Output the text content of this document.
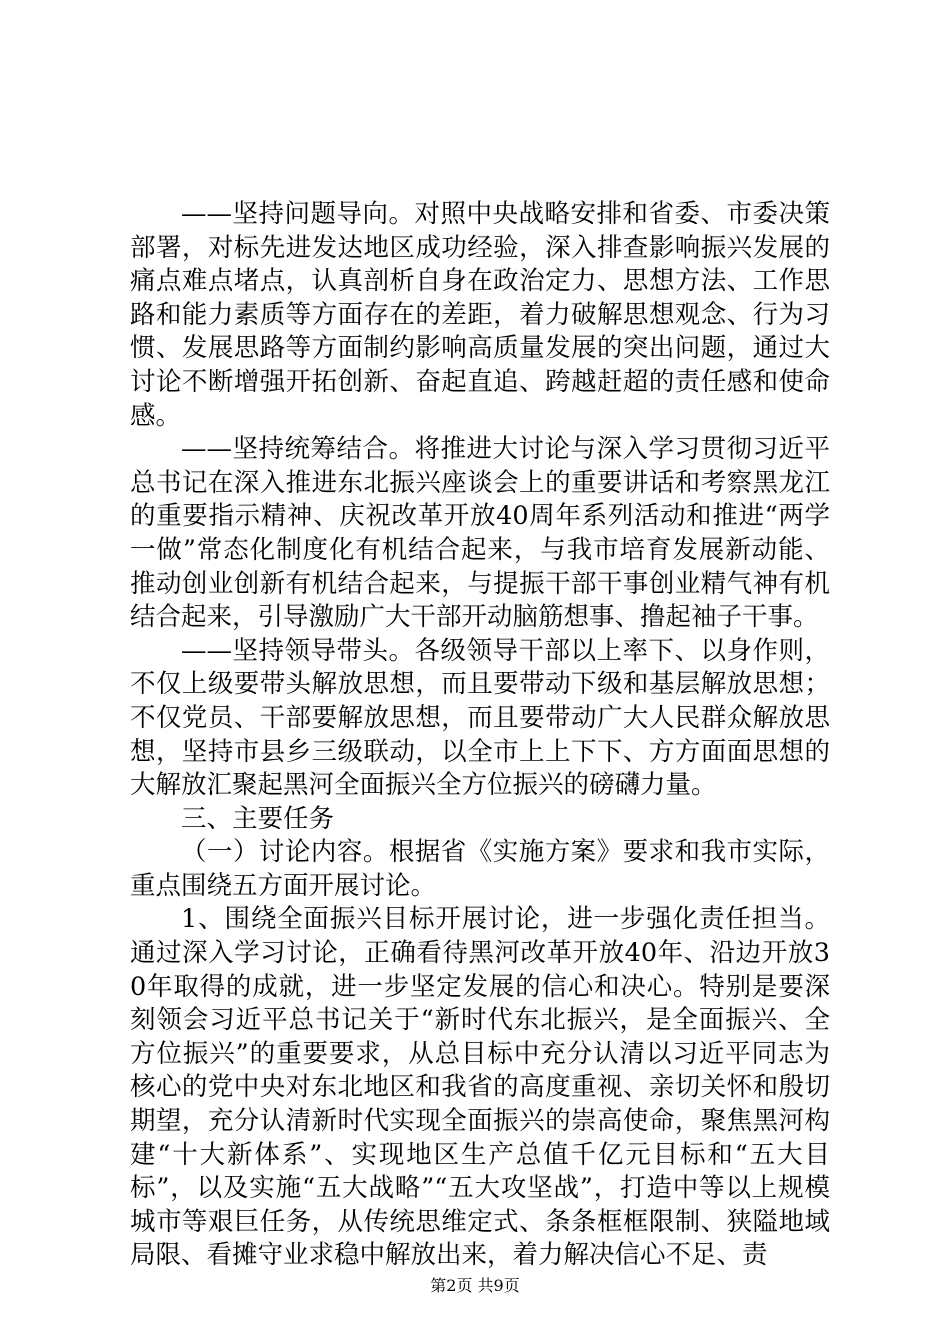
——坚持问题导向。对照中央战略安排和省委、市委决策部署，对标先进发达地区成功经验，深入排查影响振兴发展的痛点难点堵点，认真剖析自身在政治定力、思想方法、工作思路和能力素质等方面存在的差距，着力破解思想观念、行为习惯、发展思路等方面制约影响高质量发展的突出问题，通过大讨论不断增强开拓创新、奋起直追、跨越赶超的责任感和使命感。

——坚持统筹结合。将推进大讨论与深入学习贯彻习近平总书记在深入推进东北振兴座谈会上的重要讲话和考察黑龙江的重要指示精神、庆祝改革开放40周年系列活动和推进“两学一做”常态化制度化有机结合起来，与我市培育发展新动能、推动创业创新有机结合起来，与提振干部干事创业精气神有机结合起来，引导激励广大干部开动脑筋想事、撸起袖子干事。

——坚持领导带头。各级领导干部以上率下、以身作则，不仅上级要带头解放思想，而且要带动下级和基层解放思想；不仅党员、干部要解放思想，而且要带动广大人民群众解放思想，坚持市县乡三级联动，以全市上上下下、方方面面思想的大解放汇聚起黑河全面振兴全方位振兴的磅礴力量。

三、主要任务

（一）讨论内容。根据省《实施方案》要求和我市实际，重点围绕五方面开展讨论。

1、围绕全面振兴目标开展讨论，进一步强化责任担当。通过深入学习讨论，正确看待黑河改革开放40年、沿边开放30年取得的成就，进一步坚定发展的信心和决心。特别是要深刻领会习近平总书记关于“新时代东北振兴，是全面振兴、全方位振兴”的重要要求，从总目标中充分认清以习近平同志为核心的党中央对东北地区和我省的高度重视、亲切关怀和殷切期望，充分认清新时代实现全面振兴的崇高使命，聚焦黑河构建“十大新体系”、实现地区生产总值千亿元目标和“五大目标”，以及实施“五大战略”“五大攻坚战”，打造中等以上规模城市等艰巨任务，从传统思维定式、条条框框限制、狭隘地域局限、看摊守业求稳中解放出来，着力解决信心不足、责

第2页 共9页
